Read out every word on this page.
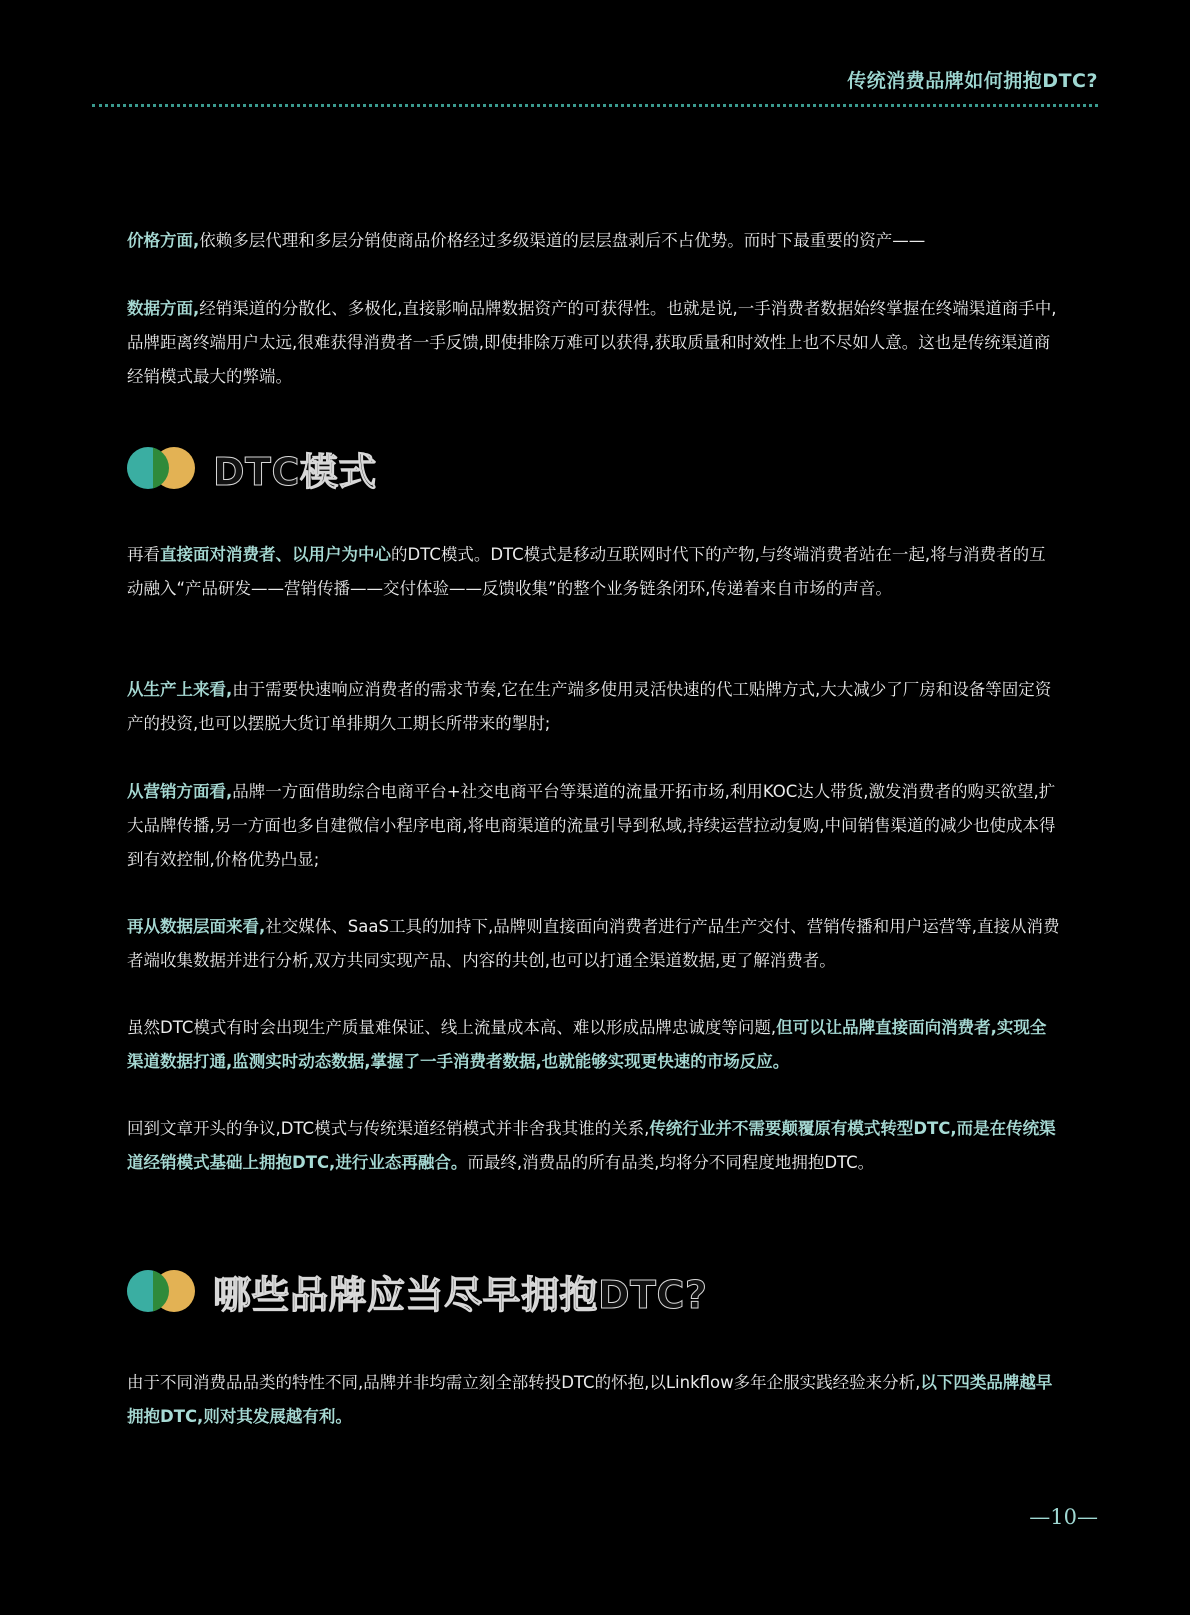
传统消费品牌如何拥抱DTC?

价格方面,依赖多层代理和多层分销使商品价格经过多级渠道的层层盘剥后不占优势。而时下最重要的资产——

数据方面,经销渠道的分散化、多极化,直接影响品牌数据资产的可获得性。也就是说,一手消费者数据始终掌握在终端渠道商手中,品牌距离终端用户太远,很难获得消费者一手反馈,即使排除万难可以获得,获取质量和时效性上也不尽如人意。这也是传统渠道商经销模式最大的弊端。

DTC模式

再看直接面对消费者、以用户为中心的DTC模式。DTC模式是移动互联网时代下的产物,与终端消费者站在一起,将与消费者的互动融入“产品研发——营销传播——交付体验——反馈收集”的整个业务链条闭环,传递着来自市场的声音。

从生产上来看,由于需要快速响应消费者的需求节奏,它在生产端多使用灵活快速的代工贴牌方式,大大减少了厂房和设备等固定资产的投资,也可以摆脱大货订单排期久工期长所带来的掣肘;

从营销方面看,品牌一方面借助综合电商平台+社交电商平台等渠道的流量开拓市场,利用KOC达人带货,激发消费者的购买欲望,扩大品牌传播,另一方面也多自建微信小程序电商,将电商渠道的流量引导到私域,持续运营拉动复购,中间销售渠道的减少也使成本得到有效控制,价格优势凸显;

再从数据层面来看,社交媒体、SaaS工具的加持下,品牌则直接面向消费者进行产品生产交付、营销传播和用户运营等,直接从消费者端收集数据并进行分析,双方共同实现产品、内容的共创,也可以打通全渠道数据,更了解消费者。

虽然DTC模式有时会出现生产质量难保证、线上流量成本高、难以形成品牌忠诚度等问题,但可以让品牌直接面向消费者,实现全渠道数据打通,监测实时动态数据,掌握了一手消费者数据,也就能够实现更快速的市场反应。

回到文章开头的争议,DTC模式与传统渠道经销模式并非舍我其谁的关系,传统行业并不需要颠覆原有模式转型DTC,而是在传统渠道经销模式基础上拥抱DTC,进行业态再融合。而最终,消费品的所有品类,均将分不同程度地拥抱DTC。

哪些品牌应当尽早拥抱DTC?

由于不同消费品品类的特性不同,品牌并非均需立刻全部转投DTC的怀抱,以Linkflow多年企服实践经验来分析,以下四类品牌越早拥抱DTC,则对其发展越有利。

—10—
